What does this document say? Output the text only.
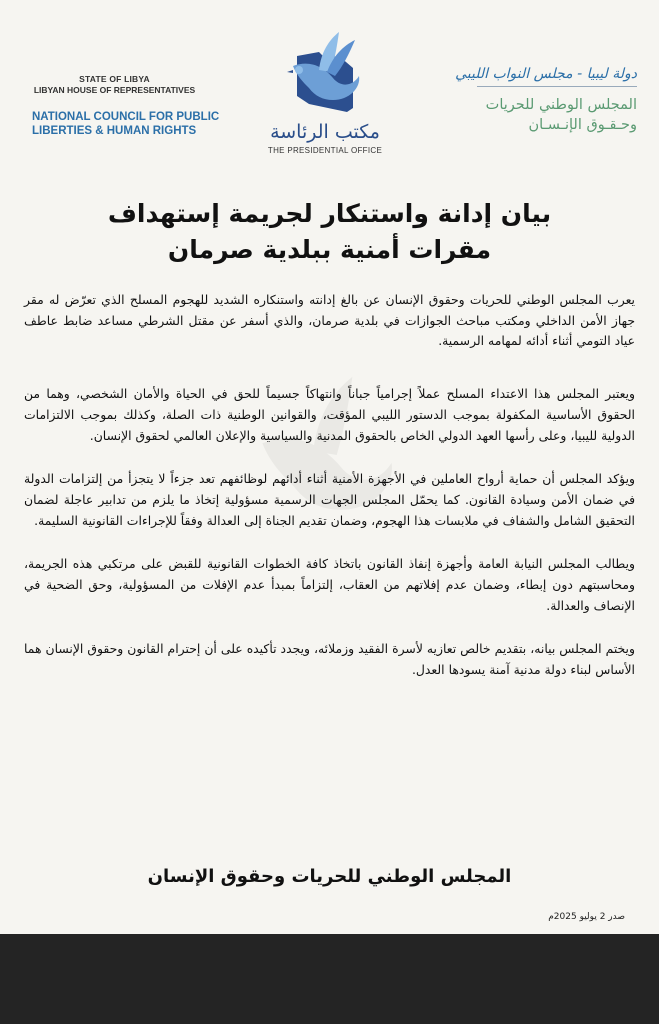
STATE OF LIBYA
LIBYAN HOUSE OF REPRESENTATIVES
NATIONAL COUNCIL FOR PUBLIC
LIBERTIES & HUMAN RIGHTS	مكتب الرئاسة
THE PRESIDENTIAL OFFICE
دولة ليبيا - مجلس النواب الليبي
المجلس الوطني للحريات
وحـقـوق الإنـسـان
بيان إدانة واستنكار لجريمة إستهداف
مقرات أمنية ببلدية صرمان

يعرب المجلس الوطني للحريات وحقوق الإنسان عن بالغ إدانته واستنكاره الشديد للهجوم المسلح الذي تعرّض له مقر جهاز الأمن الداخلي ومكتب مباحث الجوازات في بلدية صرمان، والذي أسفر عن مقتل الشرطي مساعد ضابط عاطف عياد التومي أثناء أدائه لمهامه الرسمية.

ويعتبر المجلس هذا الاعتداء المسلح عملاً إجرامياً جباناً وانتهاكاً جسيماً للحق في الحياة والأمان الشخصي، وهما من الحقوق الأساسية المكفولة بموجب الدستور الليبي المؤقت، والقوانين الوطنية ذات الصلة، وكذلك بموجب الالتزامات الدولية لليبيا، وعلى رأسها العهد الدولي الخاص بالحقوق المدنية والسياسية والإعلان العالمي لحقوق الإنسان.

ويؤكد المجلس أن حماية أرواح العاملين في الأجهزة الأمنية أثناء أدائهم لوظائفهم تعد جزءاً لا يتجزأ من إلتزامات الدولة في ضمان الأمن وسيادة القانون. كما يحمّل المجلس الجهات الرسمية مسؤولية إتخاذ ما يلزم من تدابير عاجلة لضمان التحقيق الشامل والشفاف في ملابسات هذا الهجوم، وضمان تقديم الجناة إلى العدالة وفقاً للإجراءات القانونية السليمة.

ويطالب المجلس النيابة العامة وأجهزة إنفاذ القانون باتخاذ كافة الخطوات القانونية للقبض على مرتكبي هذه الجريمة، ومحاسبتهم دون إبطاء، وضمان عدم إفلاتهم من العقاب، إلتزاماً بمبدأ عدم الإفلات من المسؤولية، وحق الضحية في الإنصاف والعدالة.

ويختم المجلس بيانه، بتقديم خالص تعازيه لأسرة الفقيد وزملائه، ويجدد تأكيده على أن إحترام القانون وحقوق الإنسان هما الأساس لبناء دولة مدنية آمنة يسودها العدل.

المجلس الوطني للحريات وحقوق الإنسان
صدر 2 يوليو 2025م
